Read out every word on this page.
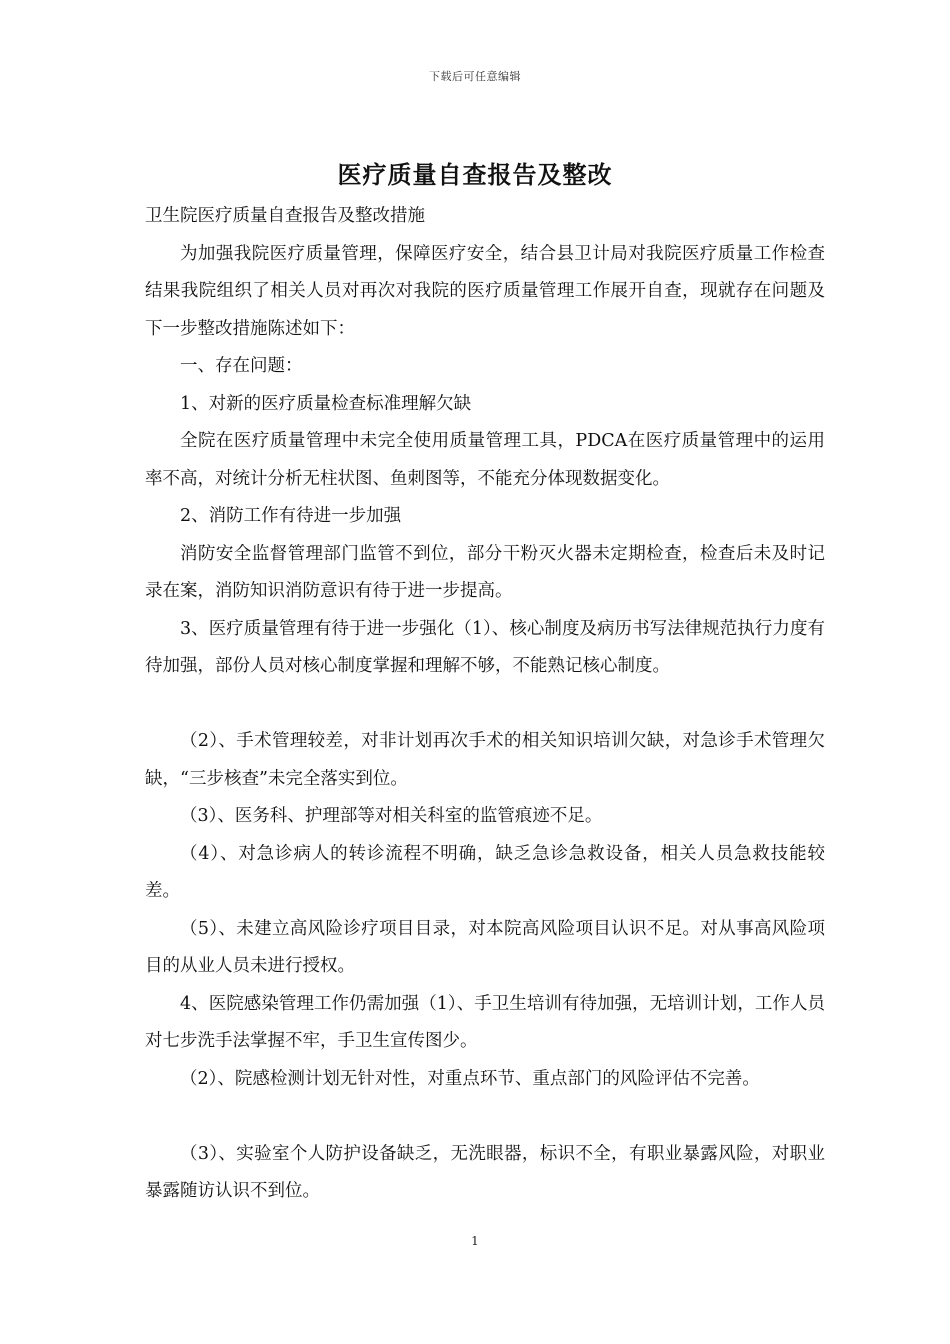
下载后可任意编辑
医疗质量自查报告及整改

卫生院医疗质量自查报告及整改措施

为加强我院医疗质量管理，保障医疗安全，结合县卫计局对我院医疗质量工作检查结果我院组织了相关人员对再次对我院的医疗质量管理工作展开自查，现就存在问题及下一步整改措施陈述如下：

一、存在问题：

1、对新的医疗质量检查标准理解欠缺

全院在医疗质量管理中未完全使用质量管理工具，PDCA在医疗质量管理中的运用率不高，对统计分析无柱状图、鱼刺图等，不能充分体现数据变化。

2、消防工作有待进一步加强

消防安全监督管理部门监管不到位，部分干粉灭火器未定期检查，检查后未及时记录在案，消防知识消防意识有待于进一步提高。

3、医疗质量管理有待于进一步强化（1）、核心制度及病历书写法律规范执行力度有待加强，部份人员对核心制度掌握和理解不够，不能熟记核心制度。

（2）、手术管理较差，对非计划再次手术的相关知识培训欠缺，对急诊手术管理欠缺，“三步核查”未完全落实到位。

（3）、医务科、护理部等对相关科室的监管痕迹不足。

（4）、对急诊病人的转诊流程不明确，缺乏急诊急救设备，相关人员急救技能较差。

（5）、未建立高风险诊疗项目目录，对本院高风险项目认识不足。对从事高风险项目的从业人员未进行授权。

4、医院感染管理工作仍需加强（1）、手卫生培训有待加强，无培训计划，工作人员对七步洗手法掌握不牢，手卫生宣传图少。

（2）、院感检测计划无针对性，对重点环节、重点部门的风险评估不完善。

（3）、实验室个人防护设备缺乏，无洗眼器，标识不全，有职业暴露风险，对职业暴露随访认识不到位。

1
